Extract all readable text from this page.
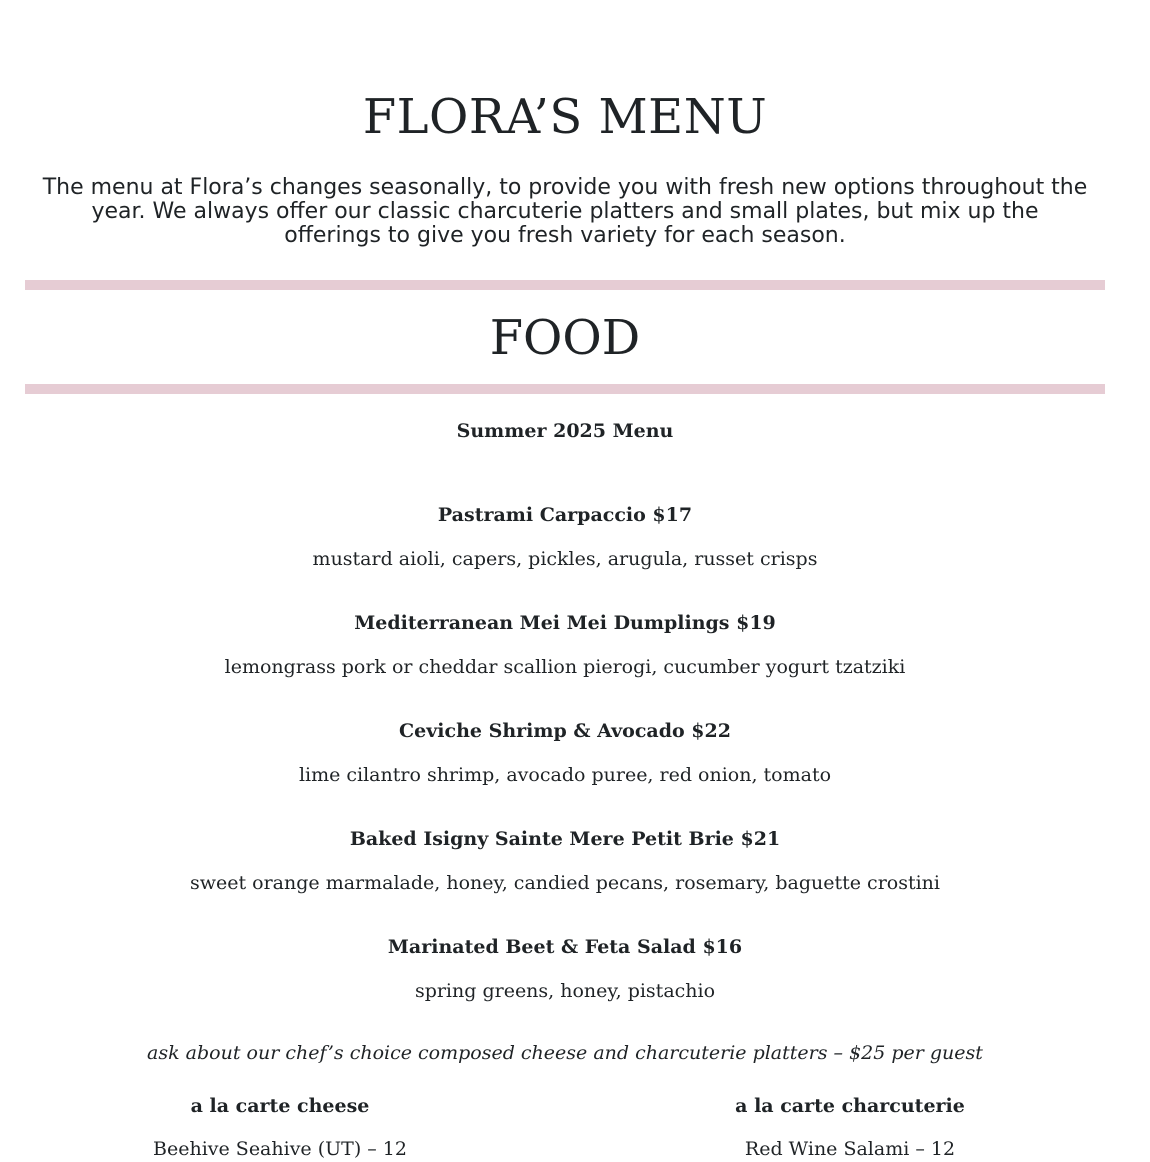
FLORA’S MENU

The menu at Flora’s changes seasonally, to provide you with fresh new options throughout the year. We always offer our classic charcuterie platters and small plates, but mix up the offerings to give you fresh variety for each season.

FOOD
Summer 2025 Menu
Pastrami Carpaccio $17
mustard aioli, capers, pickles, arugula, russet crisps
Mediterranean Mei Mei Dumplings $19
lemongrass pork or cheddar scallion pierogi, cucumber yogurt tzatziki
Ceviche Shrimp & Avocado $22
lime cilantro shrimp, avocado puree, red onion, tomato
Baked Isigny Sainte Mere Petit Brie $21
sweet orange marmalade, honey, candied pecans, rosemary, baguette crostini
Marinated Beet & Feta Salad $16
spring greens, honey, pistachio
ask about our chef’s choice composed cheese and charcuterie platters – $25 per guest
a la carte cheese
Beehive Seahive (UT) – 12
a la carte charcuterie
Red Wine Salami – 12
